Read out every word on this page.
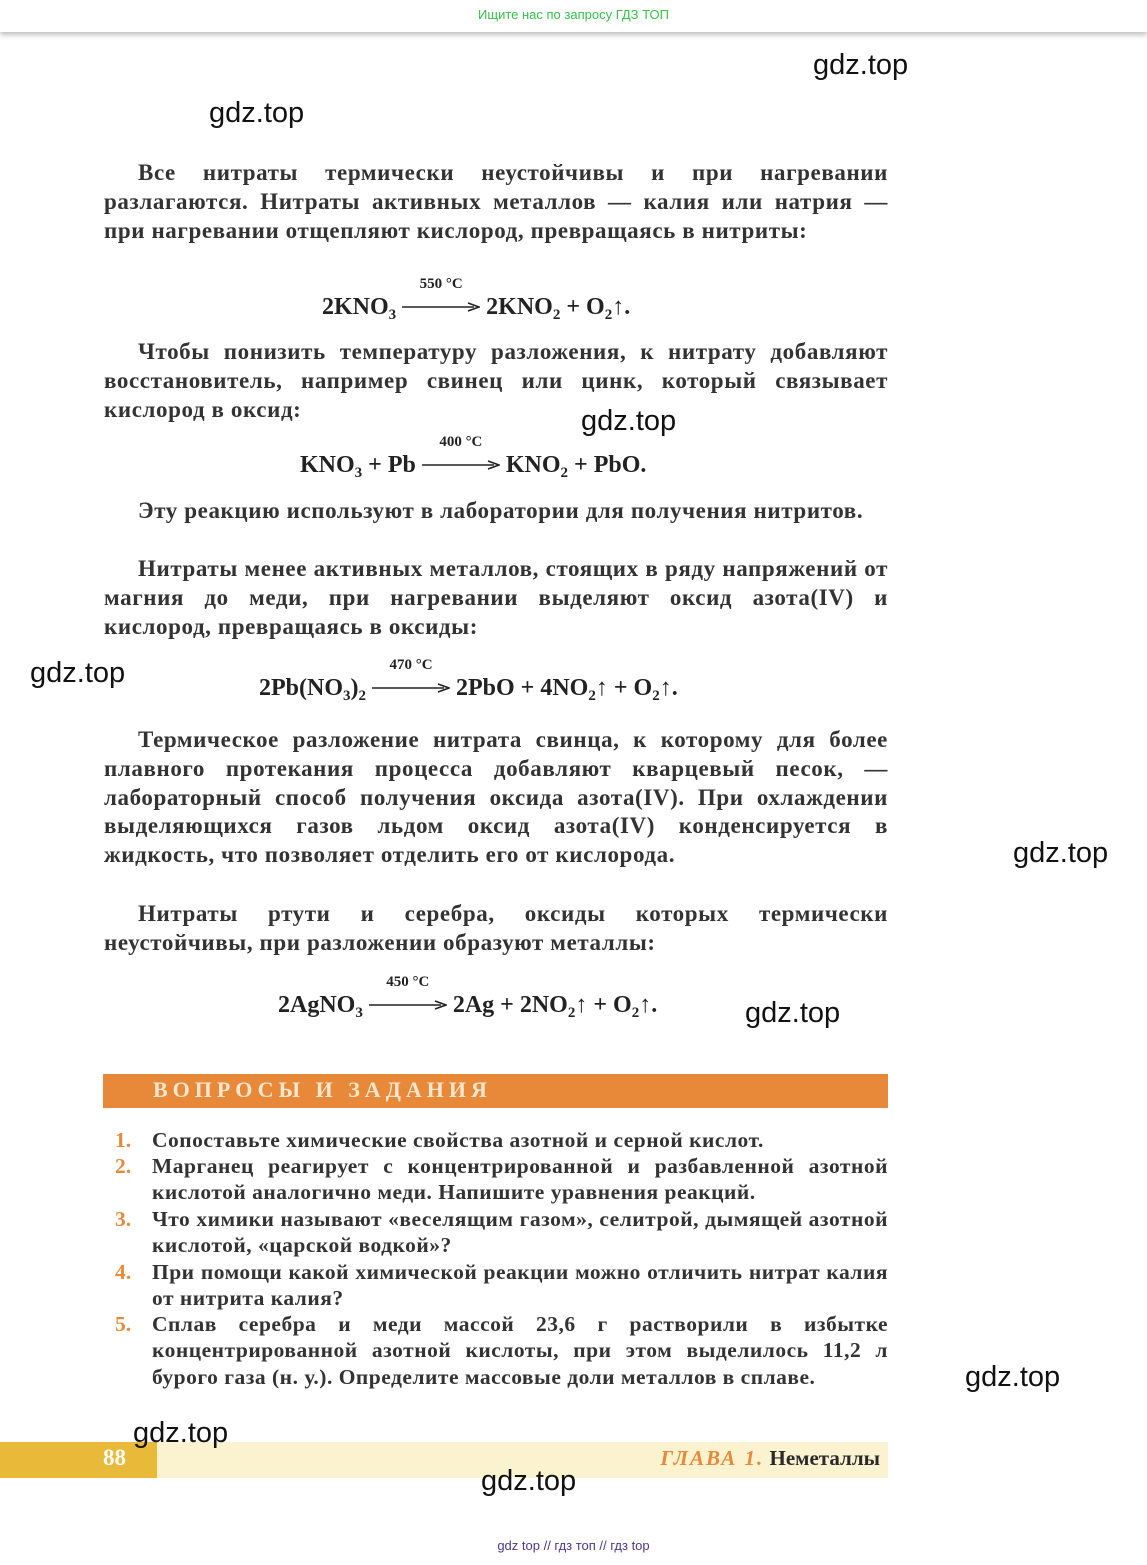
Ищите нас по запросу ГДЗ ТОП
gdz.top
gdz.top

Все нитраты термически неустойчивы и при нагревании разлагаются. Нитраты активных металлов — калия или натрия — при нагревании отщепляют кислород, превращаясь в нитриты:

$2KNO_3$
550 °C
$2KNO_2$ + $O_2↑$.

Чтобы понизить температуру разложения, к нитрату добавляют восстановитель, например свинец или цинк, который связывает кислород в оксид:	gdz.top
$KNO_3 + Pb$
400 °C
$KNO_2$ + PbO.

Эту реакцию используют в лаборатории для получения нитритов.

Нитраты менее активных металлов, стоящих в ряду напряжений от магния до меди, при нагревании выделяют оксид азота(IV) и кислород, превращаясь в оксиды:

gdz.top	$2Pb(NO_3)_2$
470 °C
$2PbO + 4NO_2↑$ + $O_2↑$.

Термическое разложение нитрата свинца, к которому для более плавного протекания процесса добавляют кварцевый песок, — лабораторный способ получения оксида азота(IV). При охлаждении выделяющихся газов льдом оксид азота(IV) конденсируется в жидкость, что позволяет отделить его от кислорода.	gdz.top

Нитраты ртути и серебра, оксиды которых термически неустойчивы, при разложении образуют металлы:

2AgNO$_3$
450 °C
$2Ag + 2NO_2↑$ + $O_2↑$.	gdz.top
ВОПРОСЫ И ЗАДАНИЯ
1. Сопоставьте химические свойства азотной и серной кислот.
2. Марганец реагирует с концентрированной и разбавленной азотной кислотой аналогично меди. Напишите уравнения реакций.
3. Что химики называют «веселящим газом», селитрой, дымящей азотной кислотой, «царской водкой»?
4. При помощи какой химической реакции можно отличить нитрат калия от нитрита калия?
5. Сплав серебра и меди массой 23,6 г растворили в избытке концентрированной азотной кислоты, при этом выделилось 11,2 л бурого газа (н. у.). Определите массовые доли металлов в сплаве.	gdz.top
88	ГЛАВА 1. Неметаллы
gdz.top
gdz.top
gdz top // гдз топ // гдз top
